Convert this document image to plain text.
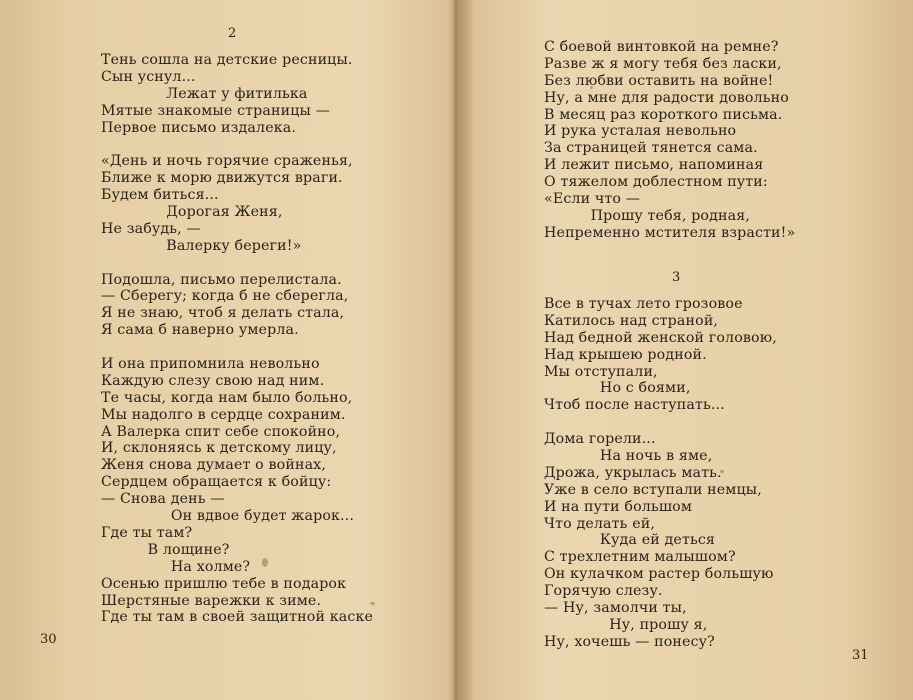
2
Тень сошла на детские ресницы.
Сын уснул...
Лежат у фитилька
Мятые знакомые страницы —
Первое письмо издалека.
«День и ночь горячие сраженья,
Ближе к морю движутся враги.
Будем биться...
Дорогая Женя,
Не забудь, —
Валерку береги!»
Подошла, письмо перелистала.
— Сберегу; когда б не сберегла,
Я не знаю, чтоб я делать стала,
Я сама б наверно умерла.
И она припомнила невольно
Каждую слезу свою над ним.
Те часы, когда нам было больно,
Мы надолго в сердце сохраним.
А Валерка спит себе спокойно,
И, склоняясь к детскому лицу,
Женя снова думает о войнах,
Сердцем обращается к бойцу:
— Снова день —
Он вдвое будет жарок...
Где ты там?
В лощине?
На холме?
Осенью пришлю тебе в подарок
Шерстяные варежки к зиме.
Где ты там в своей защитной каске
30
С боевой винтовкой на ремне?
Разве ж я могу тебя без ласки,
Без любви оставить на войне!
Ну, а мне для радости довольно
В месяц раз короткого письма.
И рука усталая невольно
За страницей тянется сама.
И лежит письмо, напоминая
О тяжелом доблестном пути:
«Если что —
Прошу тебя, родная,
Непременно мстителя взрасти!»
3
Все в тучах лето грозовое
Катилось над страной,
Над бедной женской головою,
Над крышею родной.
Мы отступали,
Но с боями,
Чтоб после наступать...
Дома горели...
На ночь в яме,
Дрожа, укрылась мать.
Уже в село вступали немцы,
И на пути большом
Что делать ей,
Куда ей деться
С трехлетним малышом?
Он кулачком растер большую
Горячую слезу.
— Ну, замолчи ты,
Ну, прошу я,
Ну, хочешь — понесу?
31
